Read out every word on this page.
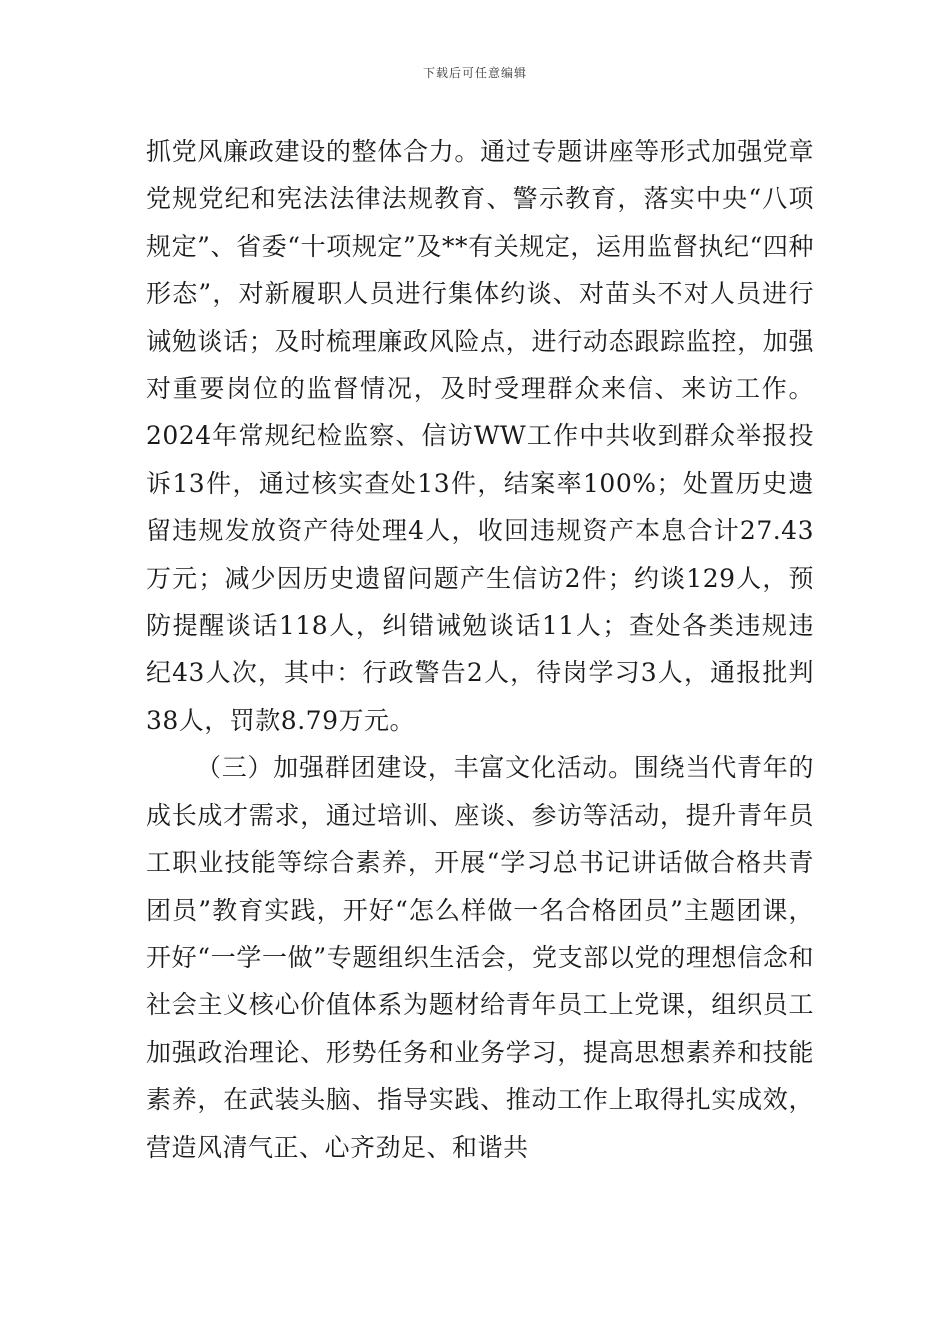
下载后可任意编辑

抓党风廉政建设的整体合力。通过专题讲座等形式加强党章党规党纪和宪法法律法规教育、警示教育，落实中央“八项规定”、省委“十项规定”及**有关规定，运用监督执纪“四种形态”，对新履职人员进行集体约谈、对苗头不对人员进行诫勉谈话；及时梳理廉政风险点，进行动态跟踪监控，加强对重要岗位的监督情况，及时受理群众来信、来访工作。2024年常规纪检监察、信访WW工作中共收到群众举报投诉13件，通过核实查处13件，结案率100%；处置历史遗留违规发放资产待处理4人，收回违规资产本息合计27.43万元；减少因历史遗留问题产生信访2件；约谈129人，预防提醒谈话118人，纠错诫勉谈话11人；查处各类违规违纪43人次，其中：行政警告2人，待岗学习3人，通报批判38人，罚款8.79万元。

（三）加强群团建设，丰富文化活动。围绕当代青年的成长成才需求，通过培训、座谈、参访等活动，提升青年员工职业技能等综合素养，开展“学习总书记讲话做合格共青团员”教育实践，开好“怎么样做一名合格团员”主题团课，开好“一学一做”专题组织生活会，党支部以党的理想信念和社会主义核心价值体系为题材给青年员工上党课，组织员工加强政治理论、形势任务和业务学习，提高思想素养和技能素养，在武装头脑、指导实践、推动工作上取得扎实成效，营造风清气正、心齐劲足、和谐共
